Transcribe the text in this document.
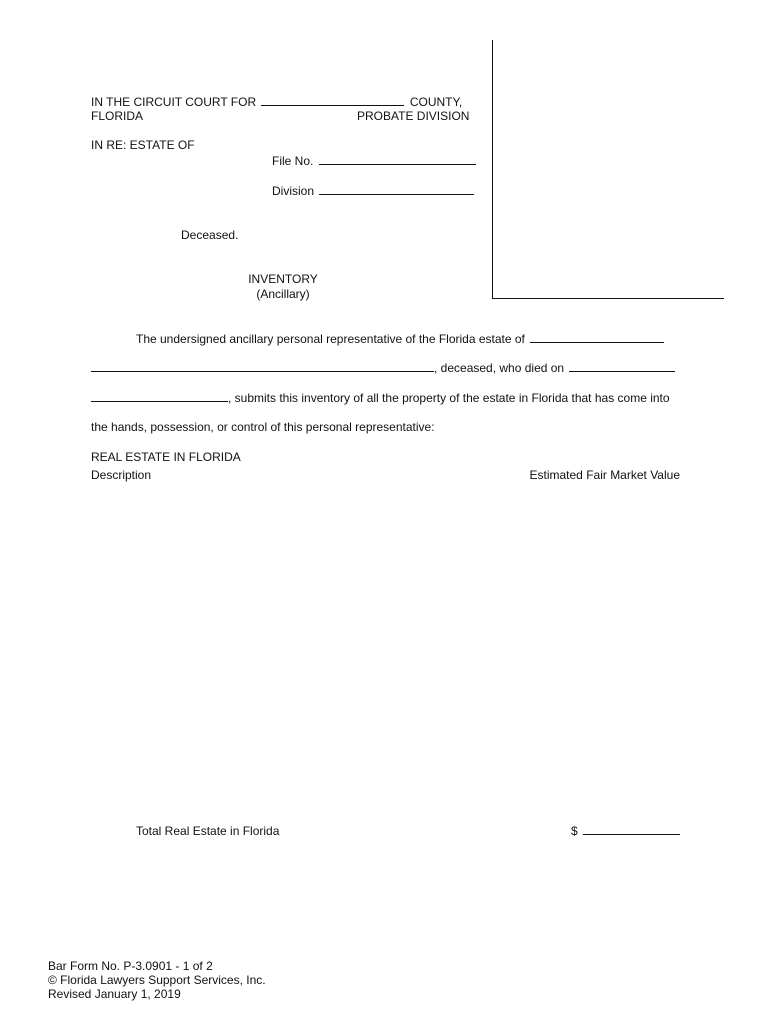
IN THE CIRCUIT COURT FOR	COUNTY,
FLORIDA	PROBATE DIVISION
IN RE: ESTATE OF
File No.
Division
Deceased.
INVENTORY
(Ancillary)
The undersigned ancillary personal representative of the Florida estate of
, deceased, who died on
, submits this inventory of all the property of the estate in Florida that has come into
the hands, possession, or control of this personal representative:
REAL ESTATE IN FLORIDA
Description	Estimated Fair Market Value
Total Real Estate in Florida	$
Bar Form No. P-3.0901 - 1 of 2
© Florida Lawyers Support Services, Inc.
Revised January 1, 2019
